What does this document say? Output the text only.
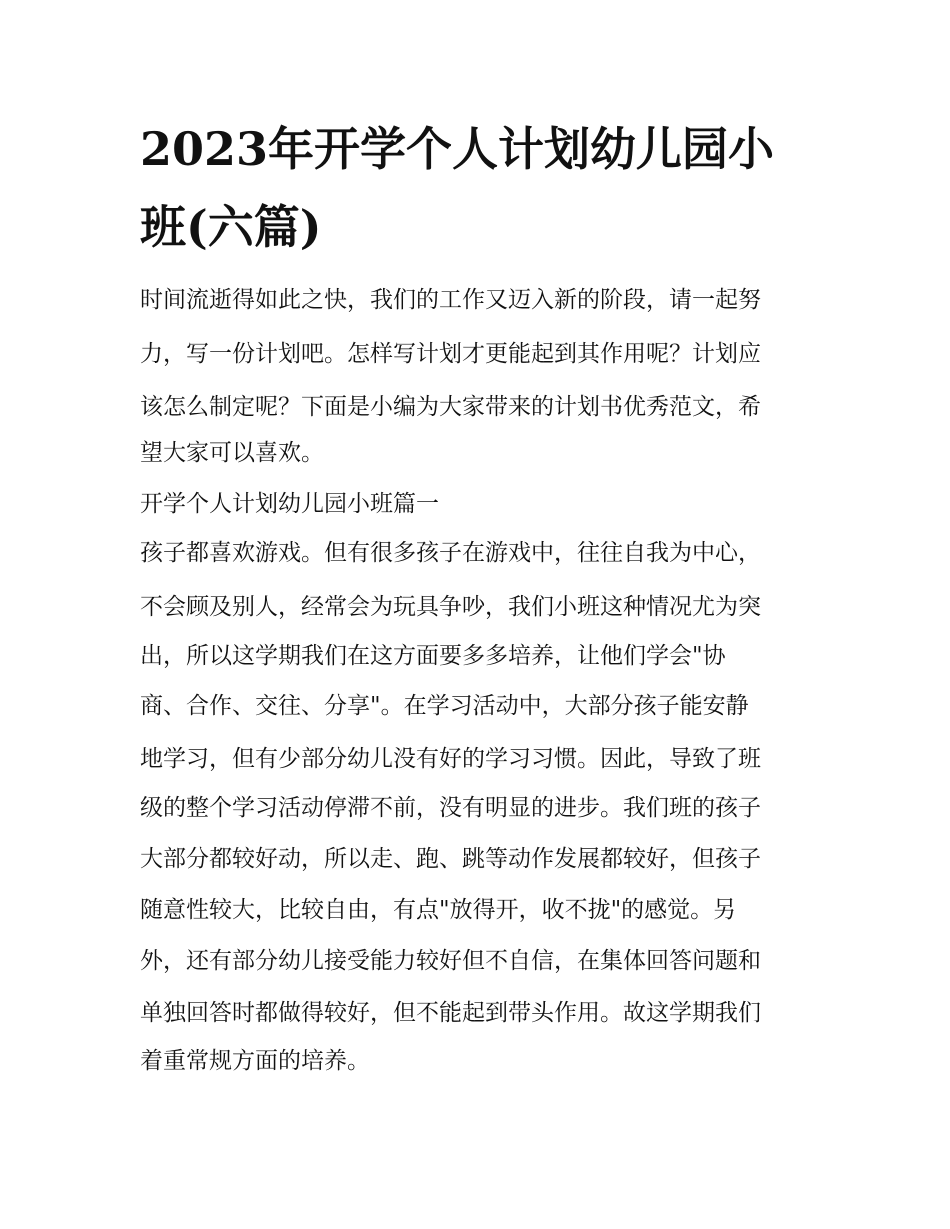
2023年开学个人计划幼儿园小
班(六篇)
时间流逝得如此之快，我们的工作又迈入新的阶段，请一起努
力，写一份计划吧。怎样写计划才更能起到其作用呢？计划应
该怎么制定呢？下面是小编为大家带来的计划书优秀范文，希
望大家可以喜欢。
开学个人计划幼儿园小班篇一
孩子都喜欢游戏。但有很多孩子在游戏中，往往自我为中心，
不会顾及别人，经常会为玩具争吵，我们小班这种情况尤为突
出，所以这学期我们在这方面要多多培养，让他们学会"协
商、合作、交往、分享"。在学习活动中，大部分孩子能安静
地学习，但有少部分幼儿没有好的学习习惯。因此，导致了班
级的整个学习活动停滞不前，没有明显的进步。我们班的孩子
大部分都较好动，所以走、跑、跳等动作发展都较好，但孩子
随意性较大，比较自由，有点"放得开，收不拢"的感觉。另
外，还有部分幼儿接受能力较好但不自信，在集体回答问题和
单独回答时都做得较好，但不能起到带头作用。故这学期我们
着重常规方面的培养。
